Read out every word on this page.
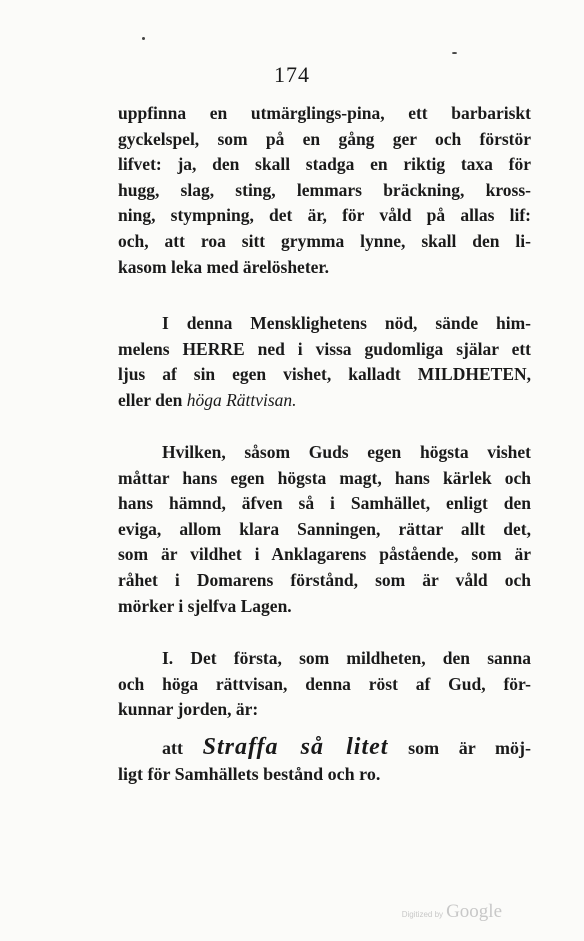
174
uppfinna en utmärglings-pina, ett barbariskt
gyckelspel, som på en gång ger och förstör
lifvet: ja, den skall stadga en riktig taxa för
hugg, slag, sting, lemmars bräckning, kross-
ning, stympning, det är, för våld på allas lif:
och, att roa sitt grymma lynne, skall den li-
kasom leka med ärelösheter.
I denna Mensklighetens nöd, sände him-
melens HERRE ned i vissa gudomliga själar ett
ljus af sin egen vishet, kalladt MILDHETEN,
eller den höga Rättvisan.
Hvilken, såsom Guds egen högsta vishet
måttar hans egen högsta magt, hans kärlek och
hans hämnd, äfven så i Samhället, enligt den
eviga, allom klara Sanningen, rättar allt det,
som är vildhet i Anklagarens påstående, som är
råhet i Domarens förstånd, som är våld och
mörker i sjelfva Lagen.
I. Det första, som mildheten, den sanna
och höga rättvisan, denna röst af Gud, för-
kunnar jorden, är:
att Straffa så litet som är möj-
ligt för Samhällets bestånd och ro.
Digitized by Google
